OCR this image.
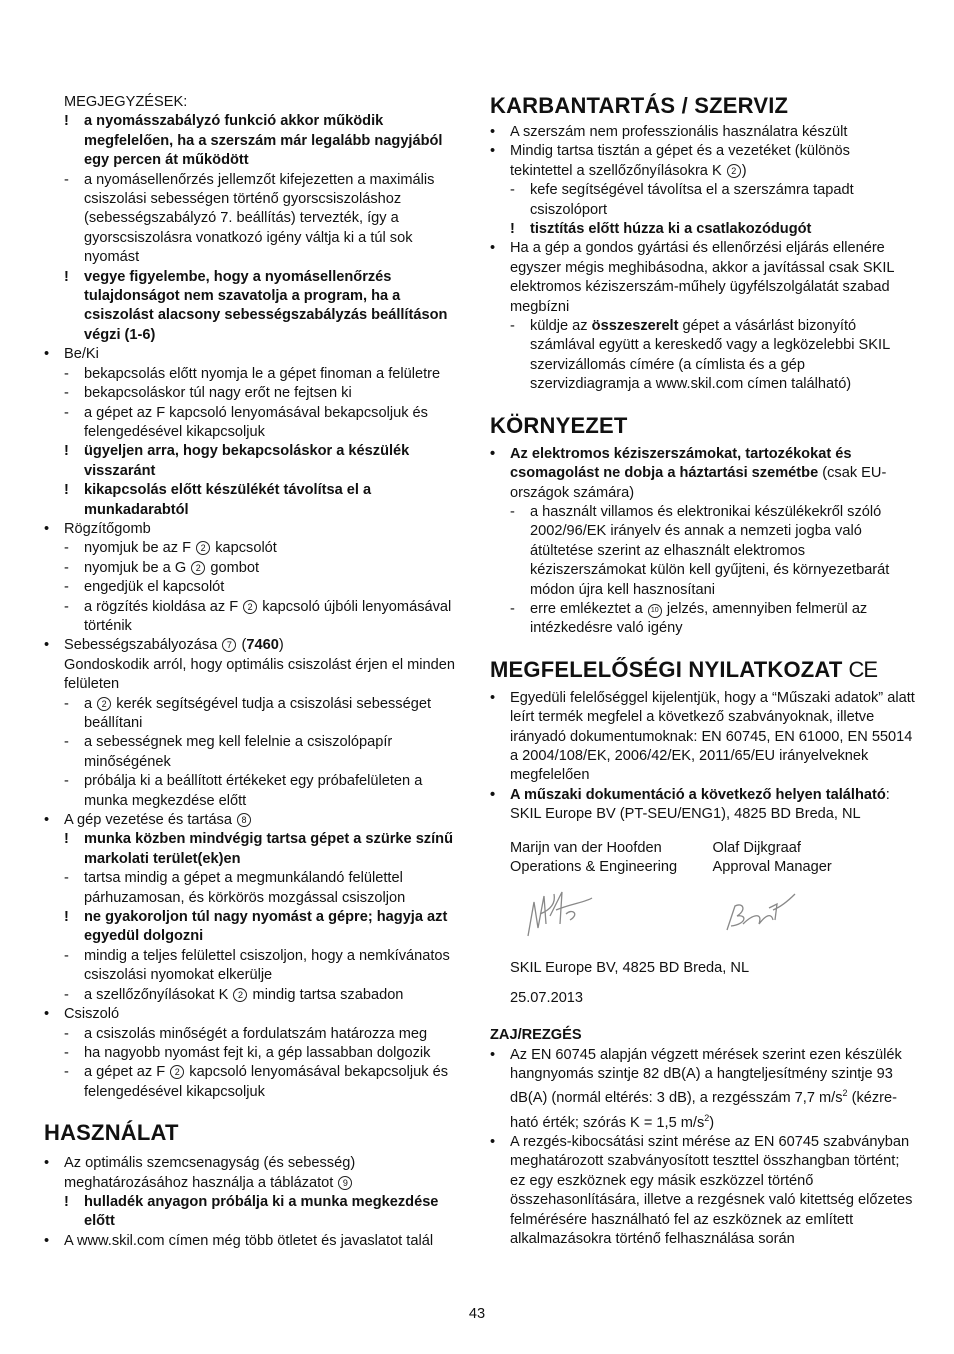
MEGJEGYZÉSEK:
!	a nyomásszabályzó funkció akkor működik megfelelően, ha a szerszám már legalább nagyjából egy percen át működött
-	a nyomásellenőrzés jellemzőt kifejezetten a maximális csiszolási sebességen történő gyorscsiszoláshoz (sebességszabályzó 7. beállítás) tervezték, így a gyorscsiszolásra vonatkozó igény váltja ki a túl sok nyomást
!	vegye figyelembe, hogy a nyomásellenőrzés tulajdonságot nem szavatolja a program, ha a csiszolást alacsony sebességszabályzás beállításon végzi (1-6)
•	Be/Ki
-	bekapcsolás előtt nyomja le a gépet finoman a felületre
-	bekapcsoláskor túl nagy erőt ne fejtsen ki
-	a gépet az F kapcsoló lenyomásával bekapcsoljuk és felengedésével kikapcsoljuk
!	ügyeljen arra, hogy bekapcsoláskor a készülék visszaránt
!	kikapcsolás előtt készülékét távolítsa el a munkadarabtól
•	Rögzítőgomb
-	nyomjuk be az F 2 kapcsolót
-	nyomjuk be a G 2 gombot
-	engedjük el kapcsolót
-	a rögzítés kioldása az F 2 kapcsoló újbóli lenyomásával történik
•	Sebességszabályozása 7 (7460)
Gondoskodik arról, hogy optimális csiszolást érjen el minden felületen
-	a 2 kerék segítségével tudja a csiszolási sebességet beállítani
-	a sebességnek meg kell felelnie a csiszolópapír minőségének
-	próbálja ki a beállított értékeket egy próbafelületen a munka megkezdése előtt
•	A gép vezetése és tartása 8
!	munka közben mindvégig tartsa gépet a szürke színű markolati terület(ek)en
-	tartsa mindig a gépet a megmunkálandó felülettel párhuzamosan, és körkörös mozgással csiszoljon
!	ne gyakoroljon túl nagy nyomást a gépre; hagyja azt egyedül dolgozni
-	mindig a teljes felülettel csiszoljon, hogy a nemkívánatos csiszolási nyomokat elkerülje
-	a szellőzőnyílásokat K 2 mindig tartsa szabadon
•	Csiszoló
-	a csiszolás minőségét a fordulatszám határozza meg
-	ha nagyobb nyomást fejt ki, a gép lassabban dolgozik
-	a gépet az F 2 kapcsoló lenyomásával bekapcsoljuk és felengedésével kikapcsoljuk
HASZNÁLAT
•	Az optimális szemcsenagyság (és sebesség) meghatározásához használja a táblázatot 9
!	hulladék anyagon próbálja ki a munka megkezdése előtt
•	A www.skil.com címen még több ötletet és javaslatot talál
KARBANTARTÁS / SZERVIZ
•	A szerszám nem professzionális használatra készült
•	Mindig tartsa tisztán a gépet és a vezetéket (különös tekintettel a szellőzőnyílásokra K 2 )
-	kefe segítségével távolítsa el a szerszámra tapadt csiszolóport
!	tisztítás előtt húzza ki a csatlakozódugót
•	Ha a gép a gondos gyártási és ellenőrzési eljárás ellenére egyszer mégis meghibásodna, akkor a javítással csak SKIL elektromos kéziszerszám-műhely ügyfélszolgálatát szabad megbízni
-	küldje az összeszerelt gépet a vásárlást bizonyító számlával együtt a kereskedő vagy a legközelebbi SKIL szervizállomás címére (a címlista és a gép szervizdiagramja a www.skil.com címen található)
KÖRNYEZET
•	Az elektromos kéziszerszámokat, tartozékokat és csomagolást ne dobja a háztartási szemétbe (csak EU-országok számára)
-	a használt villamos és elektronikai készülékekről szóló 2002/96/EK irányelv és annak a nemzeti jogba való átültetése szerint az elhasznált elektromos kéziszerszámokat külön kell gyűjteni, és környezetbarát módon újra kell hasznosítani
-	erre emlékeztet a 10 jelzés, amennyiben felmerül az intézkedésre való igény
MEGFELELŐSÉGI NYILATKOZAT CE
•	Egyedüli felelőséggel kijelentjük, hogy a “Műszaki adatok” alatt leírt termék megfelel a következő szabványoknak, illetve irányadó dokumentumoknak: EN 60745, EN 61000, EN 55014 a 2004/108/EK, 2006/42/EK, 2011/65/EU irányelveknek megfelelően
•	A műszaki dokumentáció a következő helyen található: SKIL Europe BV (PT-SEU/ENG1), 4825 BD Breda, NL
Marijn van der Hoofden
Operations & Engineering
Olaf Dijkgraaf
Approval Manager
SKIL Europe BV, 4825 BD Breda, NL
25.07.2013
ZAJ/REZGÉS
•	Az EN 60745 alapján végzett mérések szerint ezen készülék hangnyomás szintje 82 dB(A) a hangteljesítmény szintje 93 dB(A) (normál eltérés: 3 dB), a rezgésszám 7,7 $m/s^2$ (kézre-ható érték; szórás K = 1,5 $m/s^2$)
•	A rezgés-kibocsátási szint mérése az EN 60745 szabványban meghatározott szabványosított teszttel összhangban történt; ez egy eszköznek egy másik eszközzel történő összehasonlítására, illetve a rezgésnek való kitettség előzetes felmérésére használható fel az eszköznek az említett alkalmazásokra történő felhasználása során
43
